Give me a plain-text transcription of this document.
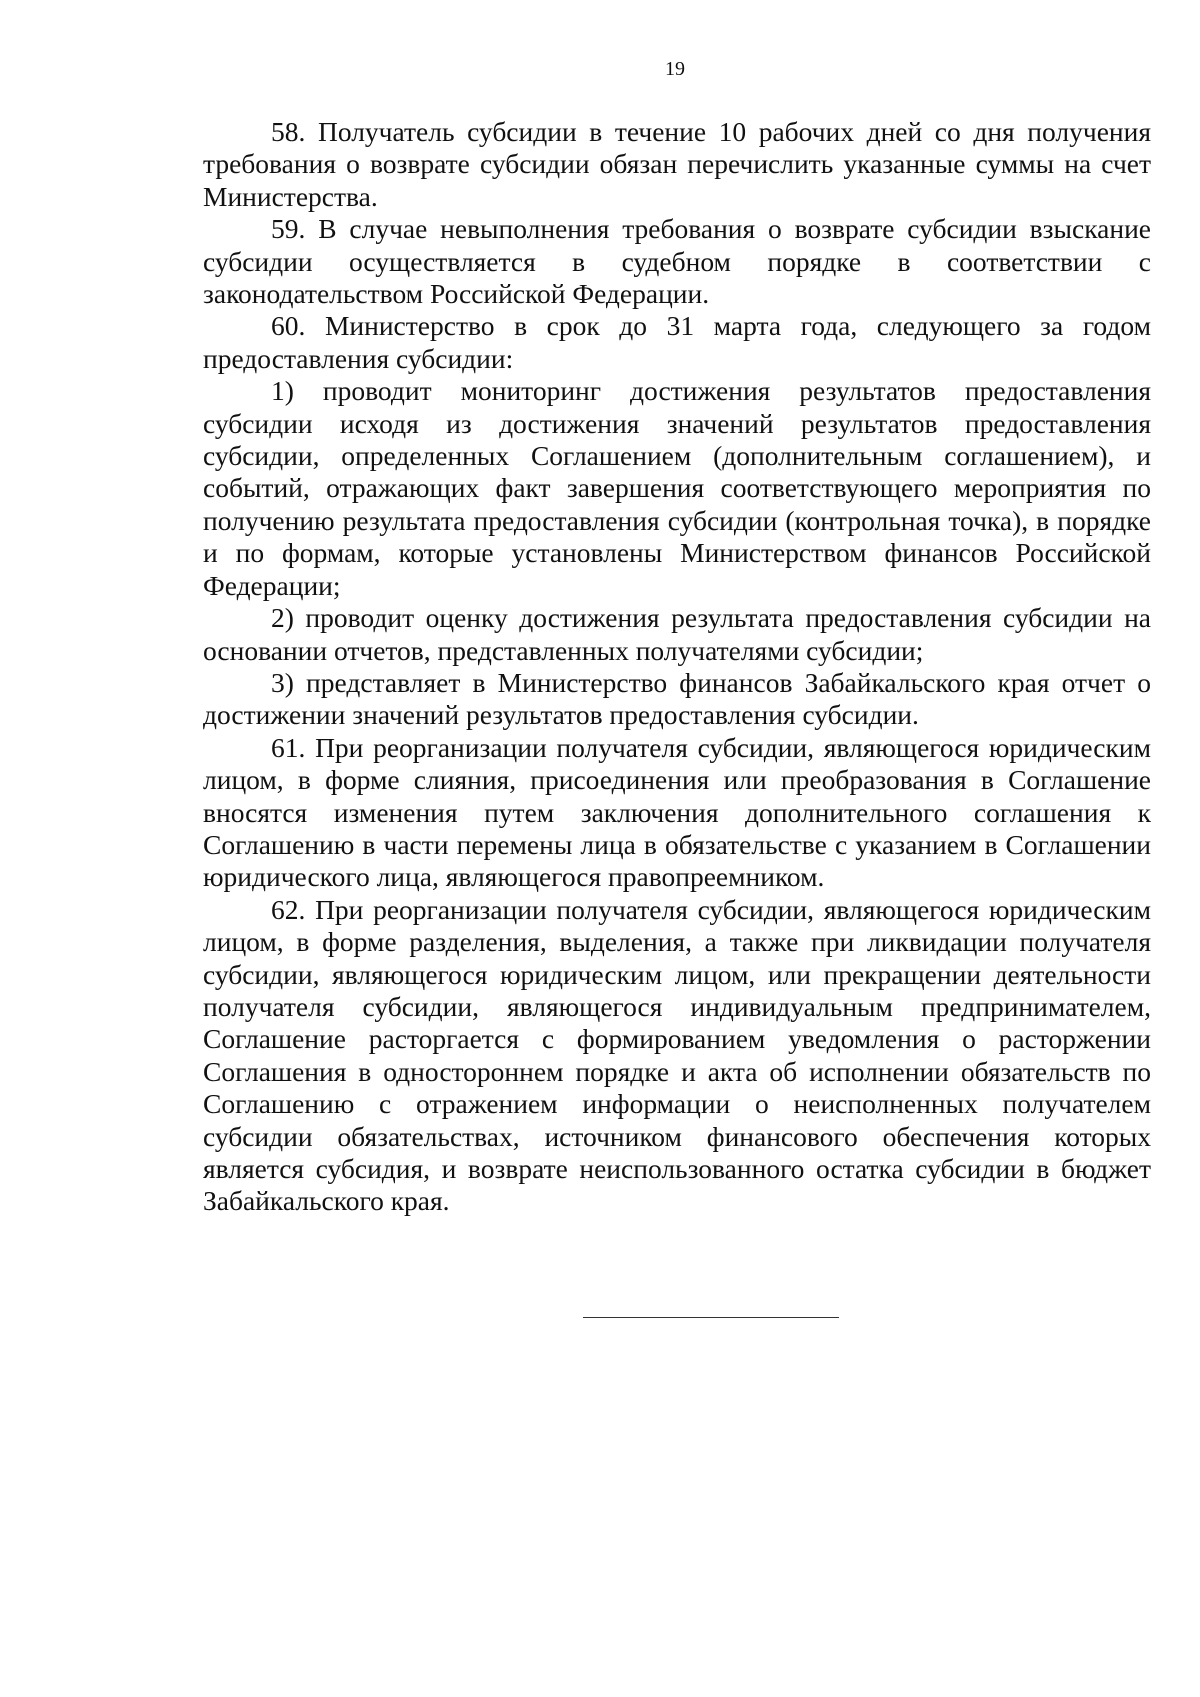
19

58. Получатель субсидии в течение 10 рабочих дней со дня получения требования о возврате субсидии обязан перечислить указанные суммы на счет Министерства.

59. В случае невыполнения требования о возврате субсидии взыскание субсидии осуществляется в судебном порядке в соответствии с законодательством Российской Федерации.

60. Министерство в срок до 31 марта года, следующего за годом предоставления субсидии:

1) проводит мониторинг достижения результатов предоставления субсидии исходя из достижения значений результатов предоставления субсидии, определенных Соглашением (дополнительным соглашением), и событий, отражающих факт завершения соответствующего мероприятия по получению результата предоставления субсидии (контрольная точка), в порядке и по формам, которые установлены Министерством финансов Российской Федерации;

2) проводит оценку достижения результата предоставления субсидии на основании отчетов, представленных получателями субсидии;

3) представляет в Министерство финансов Забайкальского края отчет о достижении значений результатов предоставления субсидии.

61. При реорганизации получателя субсидии, являющегося юридическим лицом, в форме слияния, присоединения или преобразования в Соглашение вносятся изменения путем заключения дополнительного соглашения к Соглашению в части перемены лица в обязательстве с указанием в Соглашении юридического лица, являющегося правопреемником.

62. При реорганизации получателя субсидии, являющегося юридическим лицом, в форме разделения, выделения, а также при ликвидации получателя субсидии, являющегося юридическим лицом, или прекращении деятельности получателя субсидии, являющегося индивидуальным предпринимателем, Соглашение расторгается с формированием уведомления о расторжении Соглашения в одностороннем порядке и акта об исполнении обязательств по Соглашению с отражением информации о неисполненных получателем субсидии обязательствах, источником финансового обеспечения которых является субсидия, и возврате неиспользованного остатка субсидии в бюджет Забайкальского края.
